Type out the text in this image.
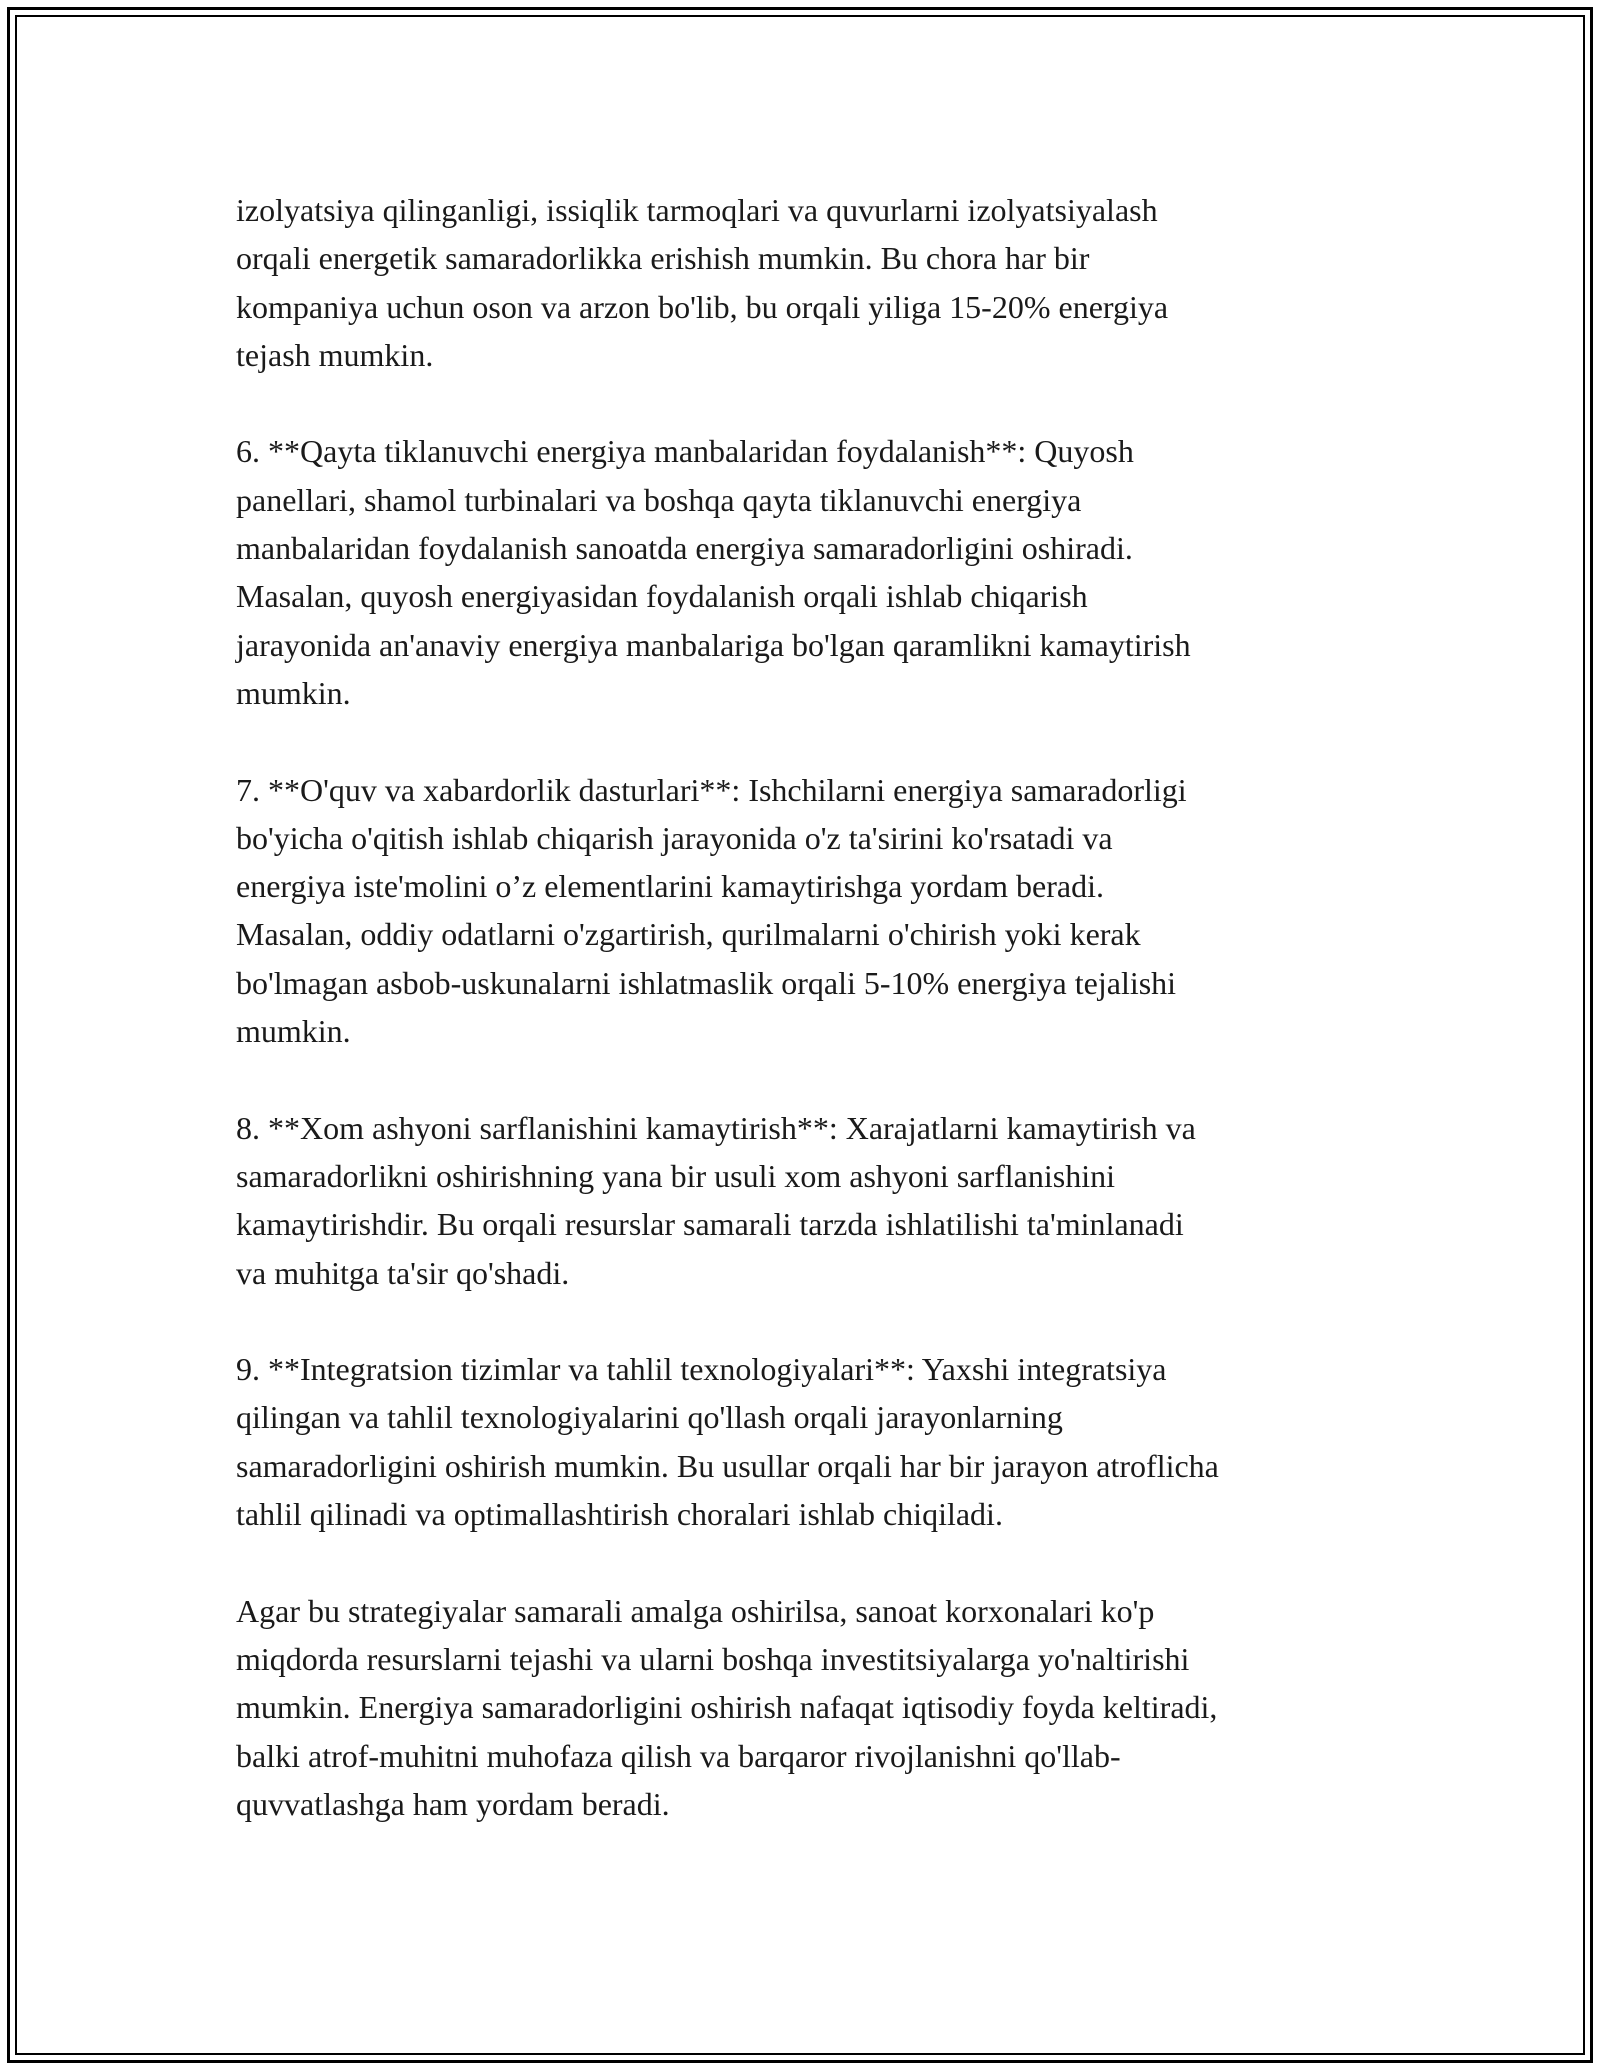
izolyatsiya qilinganligi, issiqlik tarmoqlari va quvurlarni izolyatsiyalash
orqali energetik samaradorlikka erishish mumkin. Bu chora har bir
kompaniya uchun oson va arzon bo'lib, bu orqali yiliga 15-20% energiya
tejash mumkin.

6. **Qayta tiklanuvchi energiya manbalaridan foydalanish**: Quyosh
panellari, shamol turbinalari va boshqa qayta tiklanuvchi energiya
manbalaridan foydalanish sanoatda energiya samaradorligini oshiradi.
Masalan, quyosh energiyasidan foydalanish orqali ishlab chiqarish
jarayonida an'anaviy energiya manbalariga bo'lgan qaramlikni kamaytirish
mumkin.

7. **O'quv va xabardorlik dasturlari**: Ishchilarni energiya samaradorligi
bo'yicha o'qitish ishlab chiqarish jarayonida o'z ta'sirini ko'rsatadi va
energiya iste'molini o’z elementlarini kamaytirishga yordam beradi.
Masalan, oddiy odatlarni o'zgartirish, qurilmalarni o'chirish yoki kerak
bo'lmagan asbob-uskunalarni ishlatmaslik orqali 5-10% energiya tejalishi
mumkin.

8. **Xom ashyoni sarflanishini kamaytirish**: Xarajatlarni kamaytirish va
samaradorlikni oshirishning yana bir usuli xom ashyoni sarflanishini
kamaytirishdir. Bu orqali resurslar samarali tarzda ishlatilishi ta'minlanadi
va muhitga ta'sir qo'shadi.

9. **Integratsion tizimlar va tahlil texnologiyalari**: Yaxshi integratsiya
qilingan va tahlil texnologiyalarini qo'llash orqali jarayonlarning
samaradorligini oshirish mumkin. Bu usullar orqali har bir jarayon atroflicha
tahlil qilinadi va optimallashtirish choralari ishlab chiqiladi.

Agar bu strategiyalar samarali amalga oshirilsa, sanoat korxonalari ko'p
miqdorda resurslarni tejashi va ularni boshqa investitsiyalarga yo'naltirishi
mumkin. Energiya samaradorligini oshirish nafaqat iqtisodiy foyda keltiradi,
balki atrof-muhitni muhofaza qilish va barqaror rivojlanishni qo'llab-
quvvatlashga ham yordam beradi.
